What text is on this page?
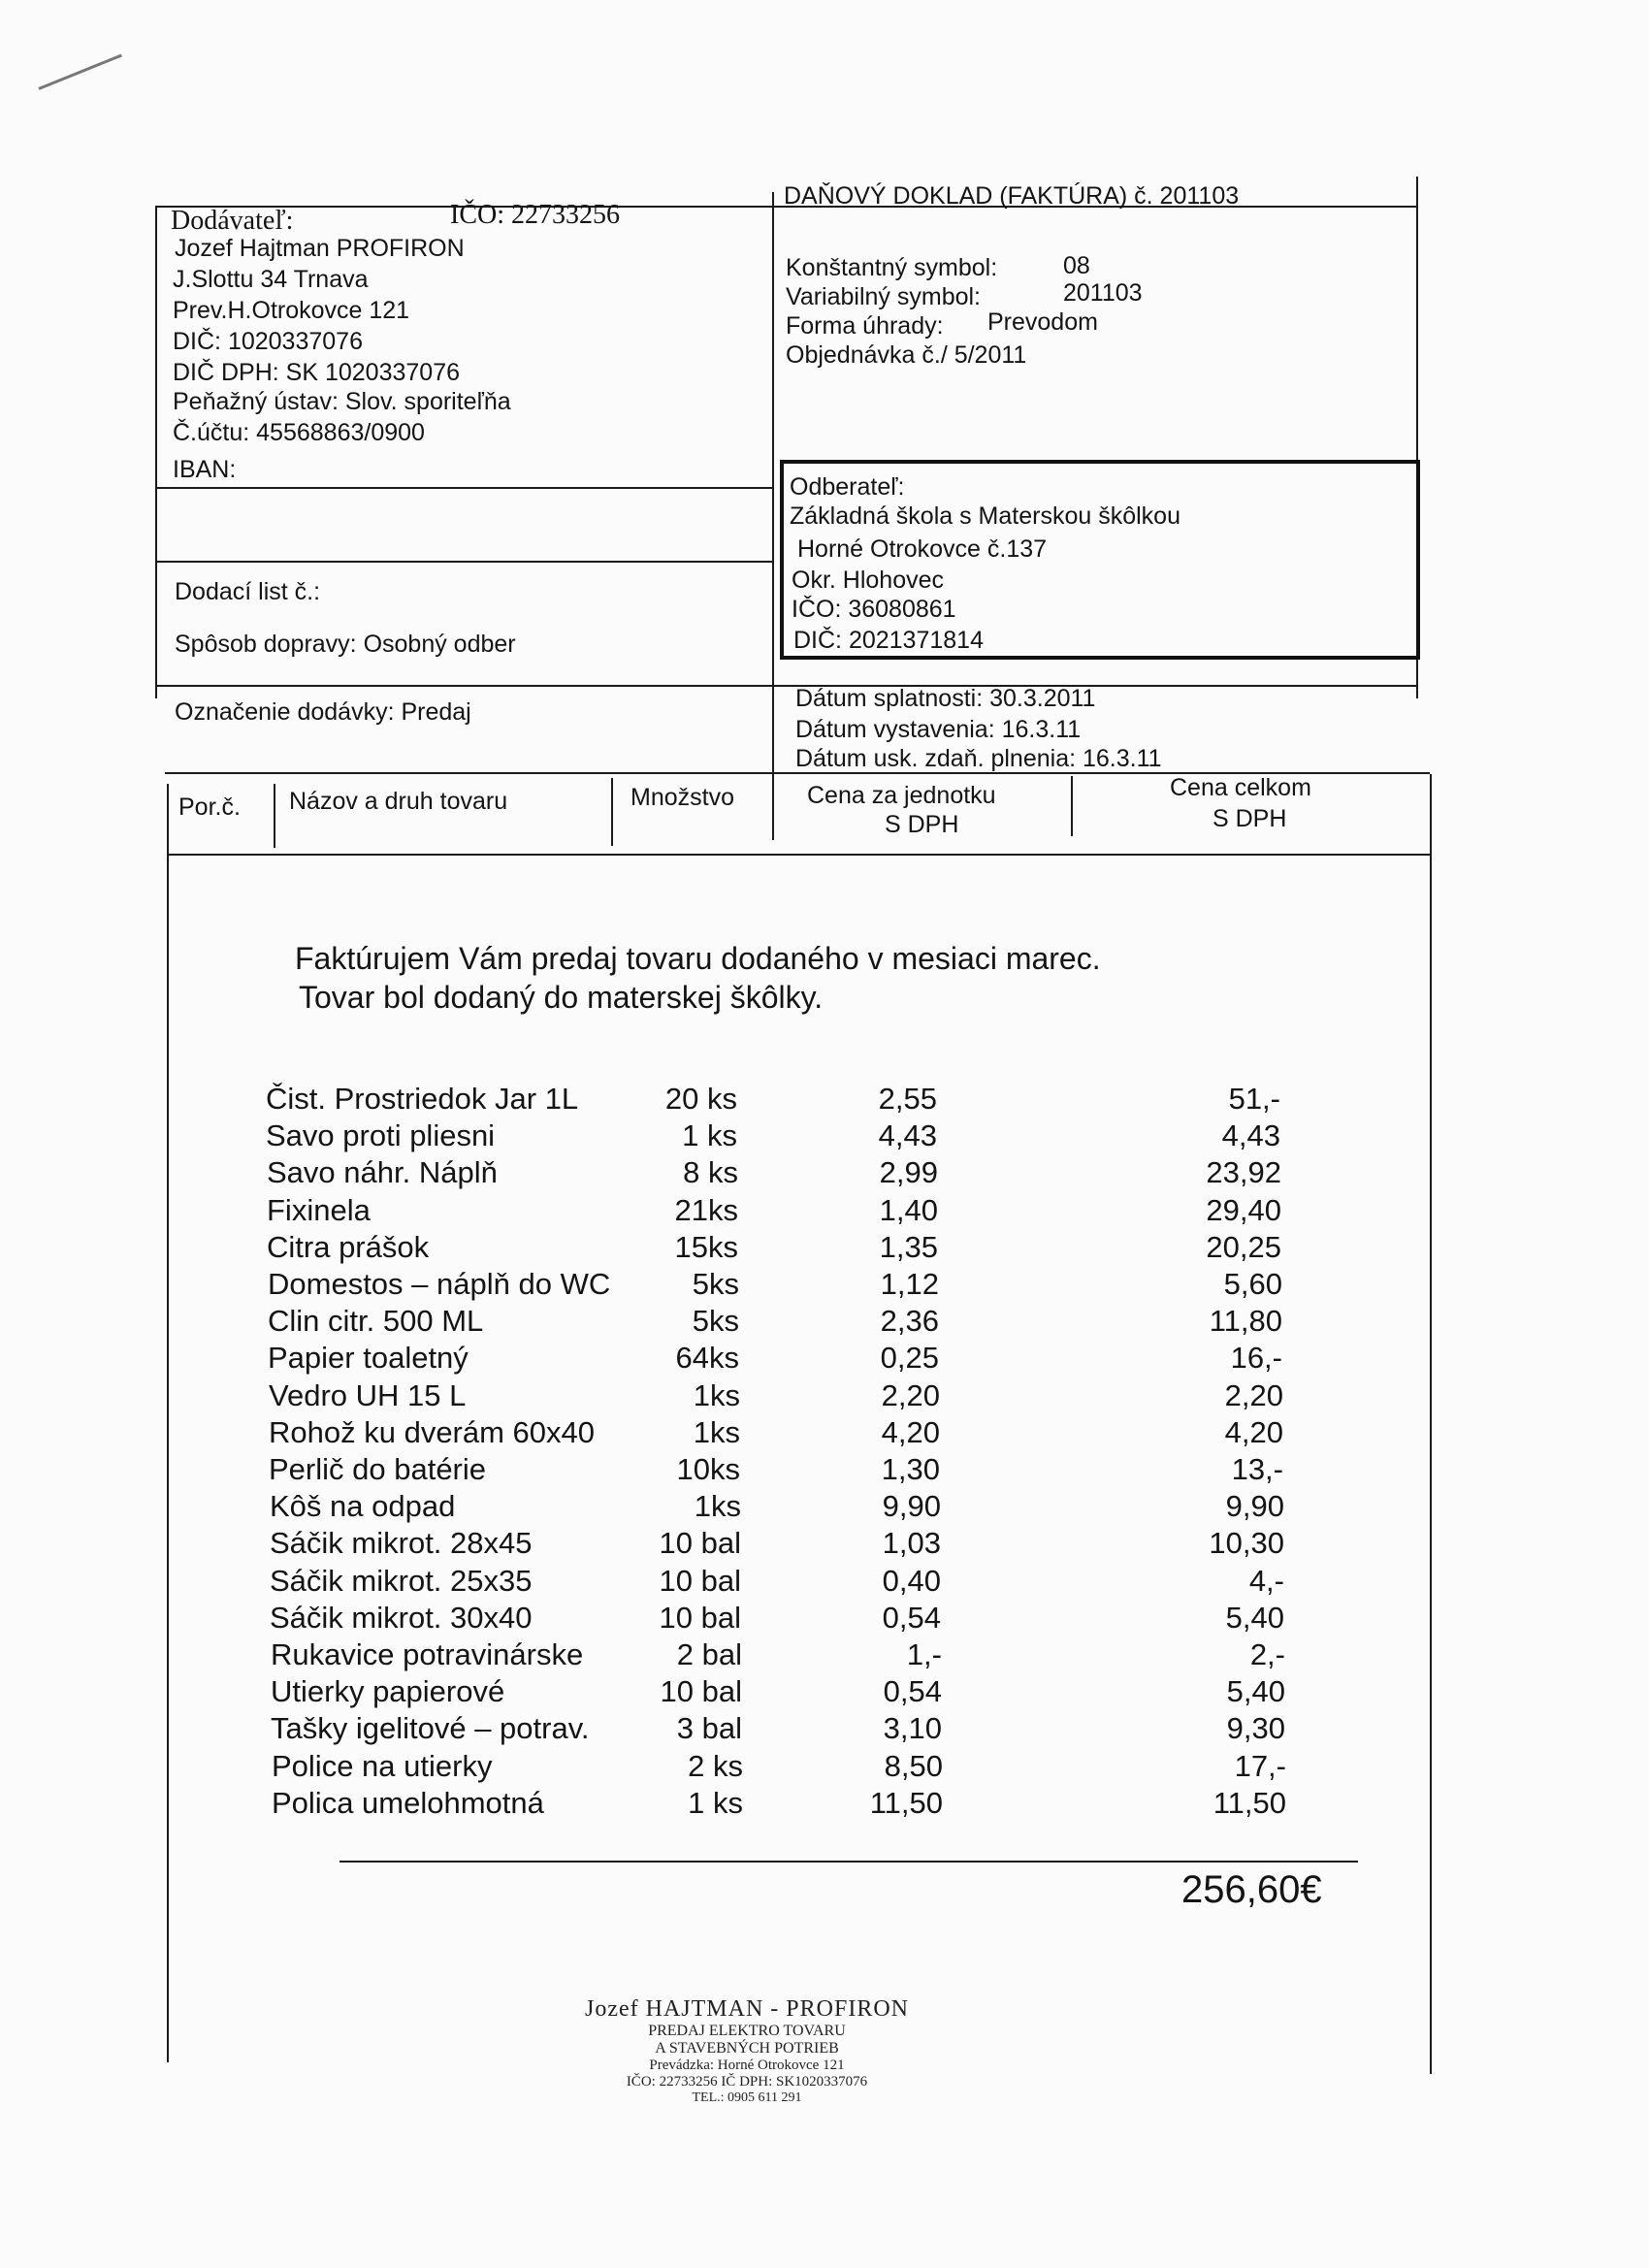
Dodávateľ:	IČO: 22733256
Jozef Hajtman PROFIRON
J.Slottu 34 Trnava
Prev.H.Otrokovce 121
DIČ: 1020337076
DIČ DPH: SK 1020337076
Peňažný ústav: Slov. sporiteľňa
Č.účtu: 45568863/0900
IBAN:
DAŇOVÝ DOKLAD (FAKTÚRA) č. 201103
Konštantný symbol:	08
Variabilný symbol:	201103
Forma úhrady: Prevodom
Objednávka č./ 5/2011
Odberateľ:
Základná škola s Materskou škôlkou
Horné Otrokovce č.137
Okr. Hlohovec
IČO: 36080861
DIČ: 2021371814
Dodací list č.:
Spôsob dopravy: Osobný odber
Označenie dodávky: Predaj	Dátum splatnosti: 30.3.2011
Dátum vystavenia: 16.3.11
Dátum usk. zdaň. plnenia: 16.3.11
Por.č. Názov a druh tovaru	Množstvo	Cena za jednotku
S DPH
Cena celkom
S DPH
Faktúrujem Vám predaj tovaru dodaného v mesiaci marec.
Tovar bol dodaný do materskej škôlky.
Čist. Prostriedok Jar 1L	20 ks	2,55	51,-
Savo proti pliesni	1 ks	4,43	4,43
Savo náhr. Náplň	8 ks	2,99	23,92
Fixinela	21ks	1,40	29,40
Citra prášok	15ks	1,35	20,25
Domestos – náplň do WC	5ks	1,12	5,60
Clin citr. 500 ML	5ks	2,36	11,80
Papier toaletný	64ks	0,25	16,-
Vedro UH 15 L	1ks	2,20	2,20
Rohož ku dverám 60x40	1ks	4,20	4,20
Perlič do batérie	10ks	1,30	13,-
Kôš na odpad	1ks	9,90	9,90
Sáčik mikrot. 28x45	10 bal	1,03	10,30
Sáčik mikrot. 25x35	10 bal	0,40	4,-
Sáčik mikrot. 30x40	10 bal	0,54	5,40
Rukavice potravinárske	2 bal	1,-	2,-
Utierky papierové	10 bal	0,54	5,40
Tašky igelitové – potrav.	3 bal	3,10	9,30
Police na utierky	2 ks	8,50	17,-
Polica umelohmotná	1 ks	11,50	11,50
256,60€
Jozef HAJTMAN - PROFIRON
PREDAJ ELEKTRO TOVARU
A STAVEBNÝCH POTRIEB
Prevádzka: Horné Otrokovce 121
IČO: 22733256 IČ DPH: SK1020337076
TEL.: 0905 611 291
